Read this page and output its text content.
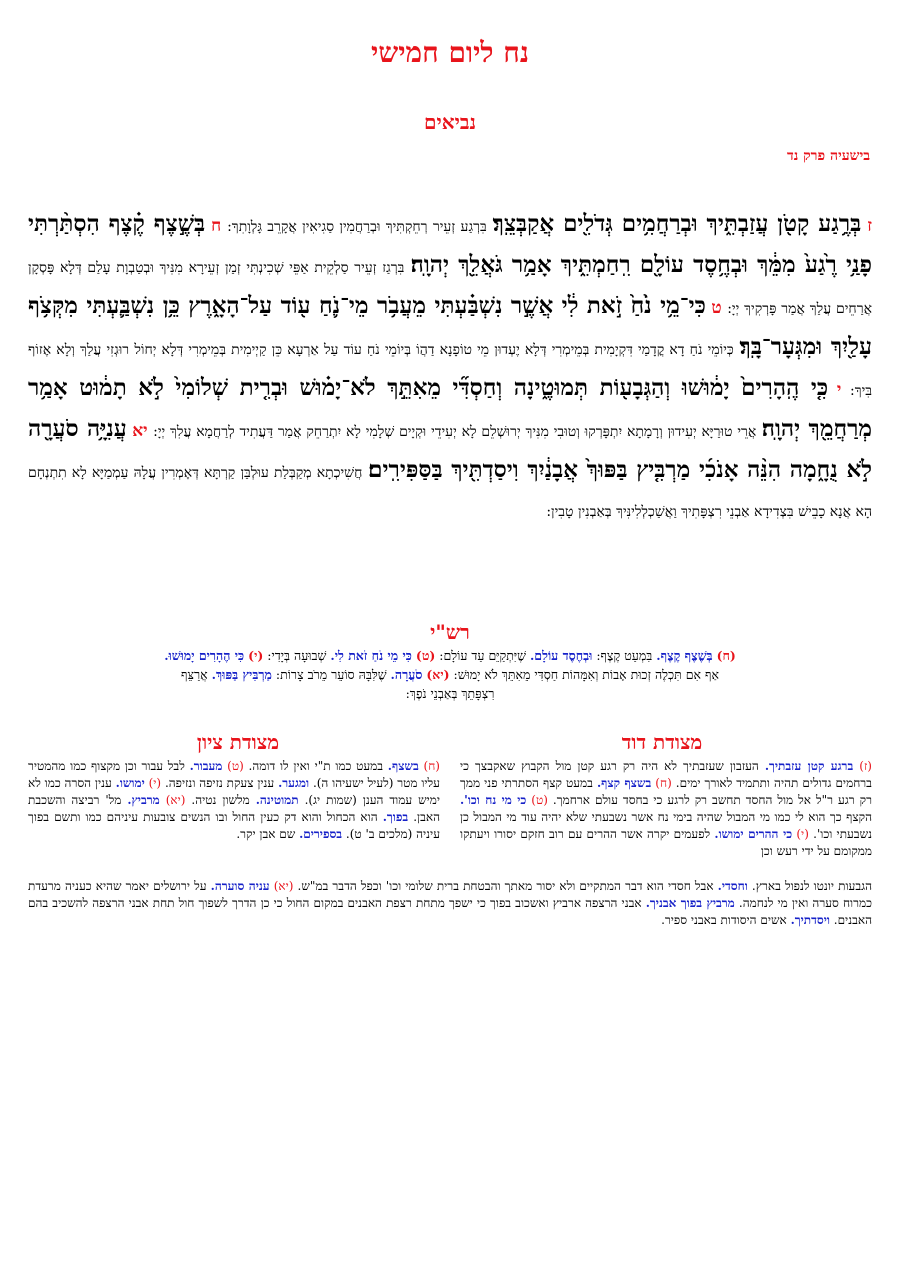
נח ליום חמישי
נביאים
בישעיה פרק נד
ז בְּרֶ֥גַע קָטֹ֖ן עֲזַבְתִּ֑יךְ וּבְרַחֲמִ֥ים גְּדֹלִ֖ים אֲקַבְּצֵֽךְ׃ בִּרְגַע זְעֵיר רְחֵקְתִּיךְ וּבְרַחֲמִין סַגִיאִין אֲקָרֵב גָּלְוָתִךְ: ח בְּשֶׁ֣צֶף קֶ֗צֶף הִסְתַּ֨רְתִּי פָנַ֥י רֶ֙גַע֙ מִמֵּ֔ךְ וּבְחֶ֥סֶד עוֹלָ֖ם רִֽחַמְתִּ֑יךְ אָמַ֥ר גֹּאֲלֵ֖ךְ יְהוָֽה׃ בִּרְגַז זְעֵיר סַלְקֵית אַפֵּי שְׁכִינְתִּי זְמַן זְעֵירָא מִנִּיךְ וּבְטַבְוָת עָלַם דְּלָא פָּסְקָן אֲרַחֵים עֲלַךְ אֲמַר פָּרְקִיךְ יְיָ: ט כִּי־מֵ֥י נֹ֙חַ֙ זֹ֣את לִ֔י אֲשֶׁ֣ר נִשְׁבַּ֗עְתִּי מֵעֲבֹ֥ר מֵי־נֹ֛חַ ע֖וֹד עַל־הָאָ֑רֶץ כֵּ֥ן נִשְׁבַּ֛עְתִּי מִקְּצֹ֥ף עָלַ֖יִךְ וּמִגְּעָר־בָּֽךְ׃ כְּיוֹמֵי נֹחַ דָא קֳדָמַי דִּקְיָמִית בְּמֵימְרִי דְּלָא יֶעְדוּן מֵי טוֹפָנָא דַהֲוֹ בְּיוֹמֵי נֹחַ עוֹד עַל אַרְעָא כֵּן קַיְימִית בְּמֵימְרִי דְּלָא יְחוֹל רוּגְזִי עֲלַךְ וְלָא אֶזוֹף בִּיךְ: י כִּ֤י הֶֽהָרִים֙ יָמ֔וּשׁוּ וְהַגְּבָע֖וֹת תְּמוּטֶ֑ינָה וְחַסְדִּ֞י מֵאִתֵּ֣ךְ לֹא־יָמ֗וּשׁ וּבְרִ֤ית שְׁלוֹמִי֙ לֹ֣א תָמ֔וּט אָמַ֥ר מְרַחֲמֵ֖ךְ יְהוָֽה׃ אֲרֵי טוּרַיָּא יְעִידוּן וְרָמָתָא יִתְפָּרְקוּ וְטוּבִי מִנִּיךְ יְרוּשְׁלֵם לָא יְעִידֵי וּקְיָים שְׁלָמִי לָא יִתְרַחֵק אֲמַר דַּעֲתִיד לְרַחֲמָא עֲלִךְ יְיָ: יא עֲנִיָּ֥ה סֹעֲרָ֖ה לֹ֣א נֻחָ֑מָה הִנֵּ֨ה אָנֹכִ֜י מַרְבִּ֤יץ בַּפּוּךְ֙ אֲבָנַ֔יִךְ וִיסַדְתִּ֖יךְ בַּסַּפִּירִֽים׃ חֲשִׁיכְתָא מְקַבְּלַת עוּלְבַּן קַרְתָּא דְּאָמְרִין עֲלָהּ עַמְמַיָּא לָא תִתְנְחָם הָא אֲנָא כָבֵישׁ בִּצְדִידָא אַבְנֵי רִצְפָּתִיךְ וַאֲשַׁכְלְלִינִּיךְ בְּאַבְנִין טָבִין:
רש"י
(ח) בְּשֶׁצֶף קֶצֶף. בִּמְעַט קֶצֶף: וּבְחֶסֶד עוֹלָם. שֶׁיִּתְקַיֵּם עַד עוֹלָם: (ט) כִּי מֵי נֹחַ זֹאת לִי. שְׁבוּעָה בְּיָדִי: (י) כִּי הֶהָרִים יָמוּשׁוּ.
אַף אִם תִּכְלֶה זְכוּת אָבוֹת וְאִמָּהוֹת חַסְדִּי מֵאִתֵּךְ לֹא יָמוּשׁ: (יא) סֹעֲרָה. שֶׁלִּבָּהּ סוֹעֵר מֵרֹב צָרוֹת: מַרְבִּיץ בַּפּוּךְ. אֲרַצֵּף
רִצְפָּתֵךְ בְּאַבְנֵי נֹפֶךְ:
מצודת דוד
מצודת ציון
(ז) ברגע קטן עזבתיך. העזבון שעזבתיך לא היה רק רגע קטן מול הקבוץ שאקבצך כי ברחמים גדולים תהיה ותתמיד לאורך ימים. (ח) בשצף קצף. במעט קצף הסתרתי פני ממך רק רגע ר"ל אל מול החסד תחשב רק לרגע כי בחסד עולם ארחמך. (ט) כי מי נח וכו'. הקצף כך הוא לי כמו מי המבול שהיה בימי נח אשר נשבעתי שלא יהיה עוד מי המבול כן נשבעתי וכו'. (י) כי ההרים ימושו. לפעמים יקרה אשר ההרים עם רוב חזקם יסורו ויעתקו ממקומם על ידי רעש וכן
(ח) בשצף. במעט כמו ת"י ואין לו דומה. (ט) מעבור. לבל עבור וכן מקצוף כמו מהמטיר עליו מטר (לעיל ישעיהו ה). ומגער. ענין צעקת נזיפה ונזיפה. (י) ימושו. ענין הסרה כמו לא ימיש עמוד הענן (שמות יג). תמוטינה. מלשון נטיה. (יא) מרביץ. מל' רביצה והשכבת האבן. בפוך. הוא הכחול והוא דק כעין החול ובו הנשים צובעות עיניהם כמו ותשם בפוך עיניה (מלכים ב' ט). בספירים. שם אבן יקר.
הגבעות יונטו לנפול בארץ. וחסדי. אבל חסדי הוא דבר המתקיים ולא יסור מאתך והבטחת ברית שלומי וכו' וכפל הדבר במ"ש. (יא) עניה סוערה. על ירושלים יאמר שהיא כעניה מרעדת כמרוח סערה ואין מי לנחמה. מרביץ בפוך אבניך. אבני הרצפה ארביץ ואשכוב בפוך כי ישפך מתחת רצפת האבנים במקום החול כי כן הדרך לשפוך חול תחת אבני הרצפה להשכיב בהם האבנים. ויסדתיך. אשים היסודות באבני ספיר.
